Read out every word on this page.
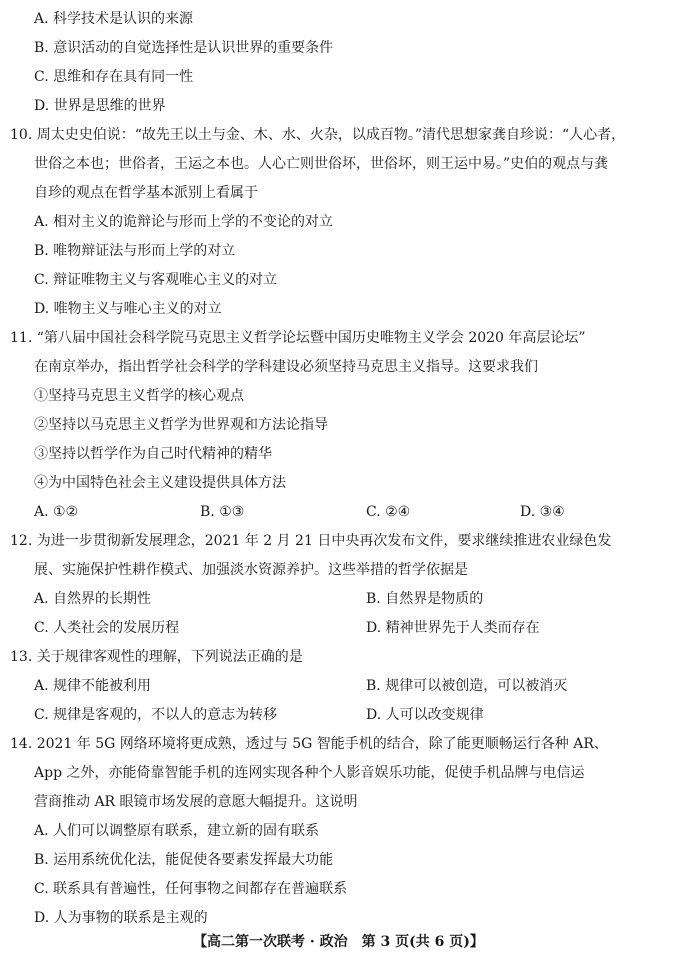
A. 科学技术是认识的来源
B. 意识活动的自觉选择性是认识世界的重要条件
C. 思维和存在具有同一性
D. 世界是思维的世界
10. 周太史史伯说：“故先王以土与金、木、水、火杂，以成百物。”清代思想家龚自珍说：“人心者，
世俗之本也；世俗者，王运之本也。人心亡则世俗坏，世俗坏，则王运中易。”史伯的观点与龚
自珍的观点在哲学基本派别上看属于
A. 相对主义的诡辩论与形而上学的不变论的对立
B. 唯物辩证法与形而上学的对立
C. 辩证唯物主义与客观唯心主义的对立
D. 唯物主义与唯心主义的对立
11. “第八届中国社会科学院马克思主义哲学论坛暨中国历史唯物主义学会 2020 年高层论坛”
在南京举办，指出哲学社会科学的学科建设必须坚持马克思主义指导。这要求我们
①坚持马克思主义哲学的核心观点
②坚持以马克思主义哲学为世界观和方法论指导
③坚持以哲学作为自己时代精神的精华
④为中国特色社会主义建设提供具体方法
A. ①②	B. ①③	C. ②④	D. ③④
12. 为进一步贯彻新发展理念，2021 年 2 月 21 日中央再次发布文件，要求继续推进农业绿色发
展、实施保护性耕作模式、加强淡水资源养护。这些举措的哲学依据是
A. 自然界的长期性	B. 自然界是物质的
C. 人类社会的发展历程	D. 精神世界先于人类而存在
13. 关于规律客观性的理解，下列说法正确的是
A. 规律不能被利用	B. 规律可以被创造，可以被消灭
C. 规律是客观的，不以人的意志为转移	D. 人可以改变规律
14. 2021 年 5G 网络环境将更成熟，透过与 5G 智能手机的结合，除了能更顺畅运行各种 AR、
App 之外，亦能倚靠智能手机的连网实现各种个人影音娱乐功能，促使手机品牌与电信运
营商推动 AR 眼镜市场发展的意愿大幅提升。这说明
A. 人们可以调整原有联系，建立新的固有联系
B. 运用系统优化法，能促使各要素发挥最大功能
C. 联系具有普遍性，任何事物之间都存在普遍联系
D. 人为事物的联系是主观的
【高二第一次联考 · 政治　第 3 页(共 6 页)】
